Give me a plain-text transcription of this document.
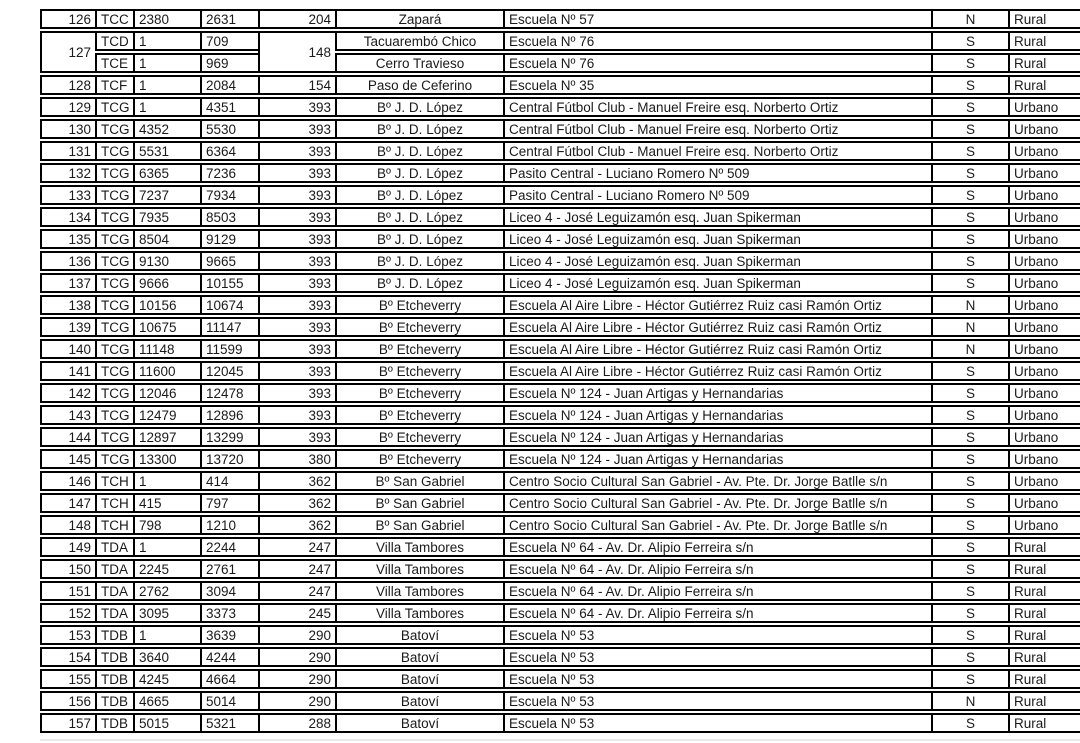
126	TCC	2380	2631	204	Zapará	Escuela Nº 57	N	Rural
127	TCD	1	709	148	Tacuarembó Chico	Escuela Nº 76	S	Rural
	TCE	1	969		Cerro Travieso	Escuela Nº 76	S	Rural
128	TCF	1	2084	154	Paso de Ceferino	Escuela Nº 35	S	Rural
129	TCG	1	4351	393	Bº J. D. López	Central Fútbol Club - Manuel Freire esq. Norberto Ortiz	S	Urbano
130	TCG	4352	5530	393	Bº J. D. López	Central Fútbol Club - Manuel Freire esq. Norberto Ortiz	S	Urbano
131	TCG	5531	6364	393	Bº J. D. López	Central Fútbol Club - Manuel Freire esq. Norberto Ortiz	S	Urbano
132	TCG	6365	7236	393	Bº J. D. López	Pasito Central - Luciano Romero Nº 509	S	Urbano
133	TCG	7237	7934	393	Bº J. D. López	Pasito Central - Luciano Romero Nº 509	S	Urbano
134	TCG	7935	8503	393	Bº J. D. López	Liceo 4 - José Leguizamón esq. Juan Spikerman	S	Urbano
135	TCG	8504	9129	393	Bº J. D. López	Liceo 4 - José Leguizamón esq. Juan Spikerman	S	Urbano
136	TCG	9130	9665	393	Bº J. D. López	Liceo 4 - José Leguizamón esq. Juan Spikerman	S	Urbano
137	TCG	9666	10155	393	Bº J. D. López	Liceo 4 - José Leguizamón esq. Juan Spikerman	S	Urbano
138	TCG	10156	10674	393	Bº Etcheverry	Escuela Al Aire Libre - Héctor Gutiérrez Ruiz casi Ramón Ortiz	N	Urbano
139	TCG	10675	11147	393	Bº Etcheverry	Escuela Al Aire Libre - Héctor Gutiérrez Ruiz casi Ramón Ortiz	N	Urbano
140	TCG	11148	11599	393	Bº Etcheverry	Escuela Al Aire Libre - Héctor Gutiérrez Ruiz casi Ramón Ortiz	N	Urbano
141	TCG	11600	12045	393	Bº Etcheverry	Escuela Al Aire Libre - Héctor Gutiérrez Ruiz casi Ramón Ortiz	S	Urbano
142	TCG	12046	12478	393	Bº Etcheverry	Escuela Nº 124 - Juan Artigas y Hernandarias	S	Urbano
143	TCG	12479	12896	393	Bº Etcheverry	Escuela Nº 124 - Juan Artigas y Hernandarias	S	Urbano
144	TCG	12897	13299	393	Bº Etcheverry	Escuela Nº 124 - Juan Artigas y Hernandarias	S	Urbano
145	TCG	13300	13720	380	Bº Etcheverry	Escuela Nº 124 - Juan Artigas y Hernandarias	S	Urbano
146	TCH	1	414	362	Bº San Gabriel	Centro Socio Cultural San Gabriel - Av. Pte. Dr. Jorge Batlle s/n	S	Urbano
147	TCH	415	797	362	Bº San Gabriel	Centro Socio Cultural San Gabriel - Av. Pte. Dr. Jorge Batlle s/n	S	Urbano
148	TCH	798	1210	362	Bº San Gabriel	Centro Socio Cultural San Gabriel - Av. Pte. Dr. Jorge Batlle s/n	S	Urbano
149	TDA	1	2244	247	Villa Tambores	Escuela Nº 64 - Av. Dr. Alipio Ferreira s/n	S	Rural
150	TDA	2245	2761	247	Villa Tambores	Escuela Nº 64 - Av. Dr. Alipio Ferreira s/n	S	Rural
151	TDA	2762	3094	247	Villa Tambores	Escuela Nº 64 - Av. Dr. Alipio Ferreira s/n	S	Rural
152	TDA	3095	3373	245	Villa Tambores	Escuela Nº 64 - Av. Dr. Alipio Ferreira s/n	S	Rural
153	TDB	1	3639	290	Batoví	Escuela Nº 53	S	Rural
154	TDB	3640	4244	290	Batoví	Escuela Nº 53	S	Rural
155	TDB	4245	4664	290	Batoví	Escuela Nº 53	S	Rural
156	TDB	4665	5014	290	Batoví	Escuela Nº 53	N	Rural
157	TDB	5015	5321	288	Batoví	Escuela Nº 53	S	Rural
